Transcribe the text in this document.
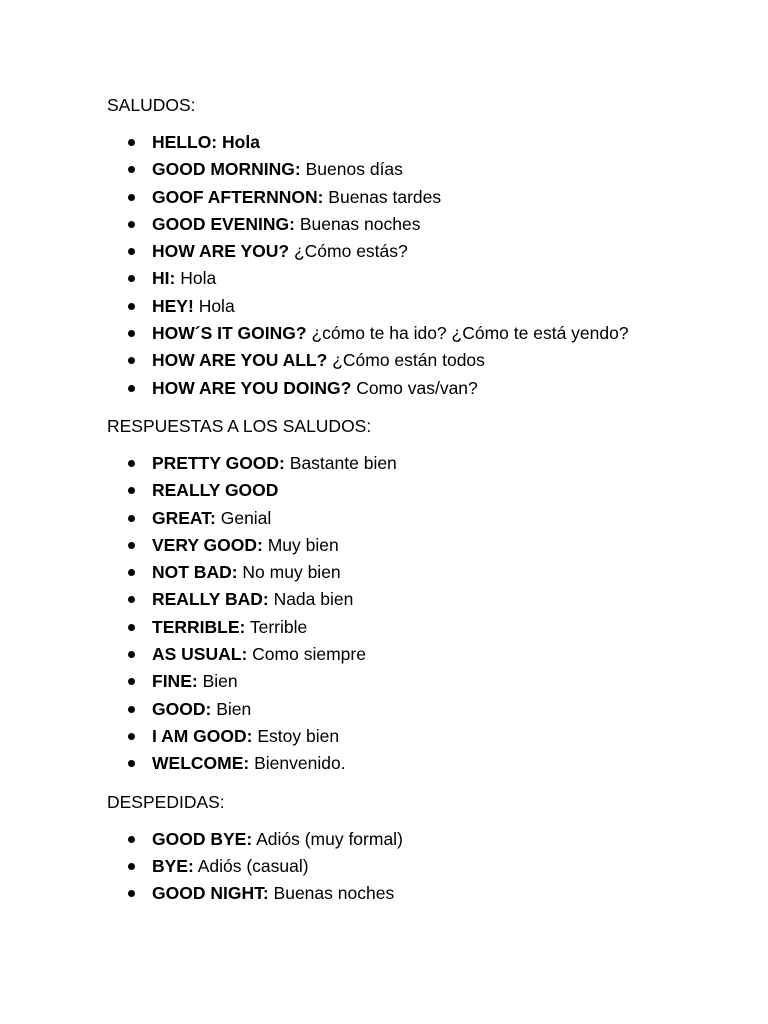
SALUDOS:
HELLO: Hola
GOOD MORNING: Buenos días
GOOF AFTERNNON: Buenas tardes
GOOD EVENING: Buenas noches
HOW ARE YOU? ¿Cómo estás?
HI: Hola
HEY! Hola
HOW´S IT GOING? ¿cómo te ha ido? ¿Cómo te está yendo?
HOW ARE YOU ALL? ¿Cómo están todos
HOW ARE YOU DOING? Como vas/van?
RESPUESTAS A LOS SALUDOS:
PRETTY GOOD: Bastante bien
REALLY GOOD
GREAT: Genial
VERY GOOD: Muy bien
NOT BAD: No muy bien
REALLY BAD: Nada bien
TERRIBLE: Terrible
AS USUAL: Como siempre
FINE: Bien
GOOD: Bien
I AM GOOD: Estoy bien
WELCOME: Bienvenido.
DESPEDIDAS:
GOOD BYE: Adiós (muy formal)
BYE: Adiós (casual)
GOOD NIGHT: Buenas noches
